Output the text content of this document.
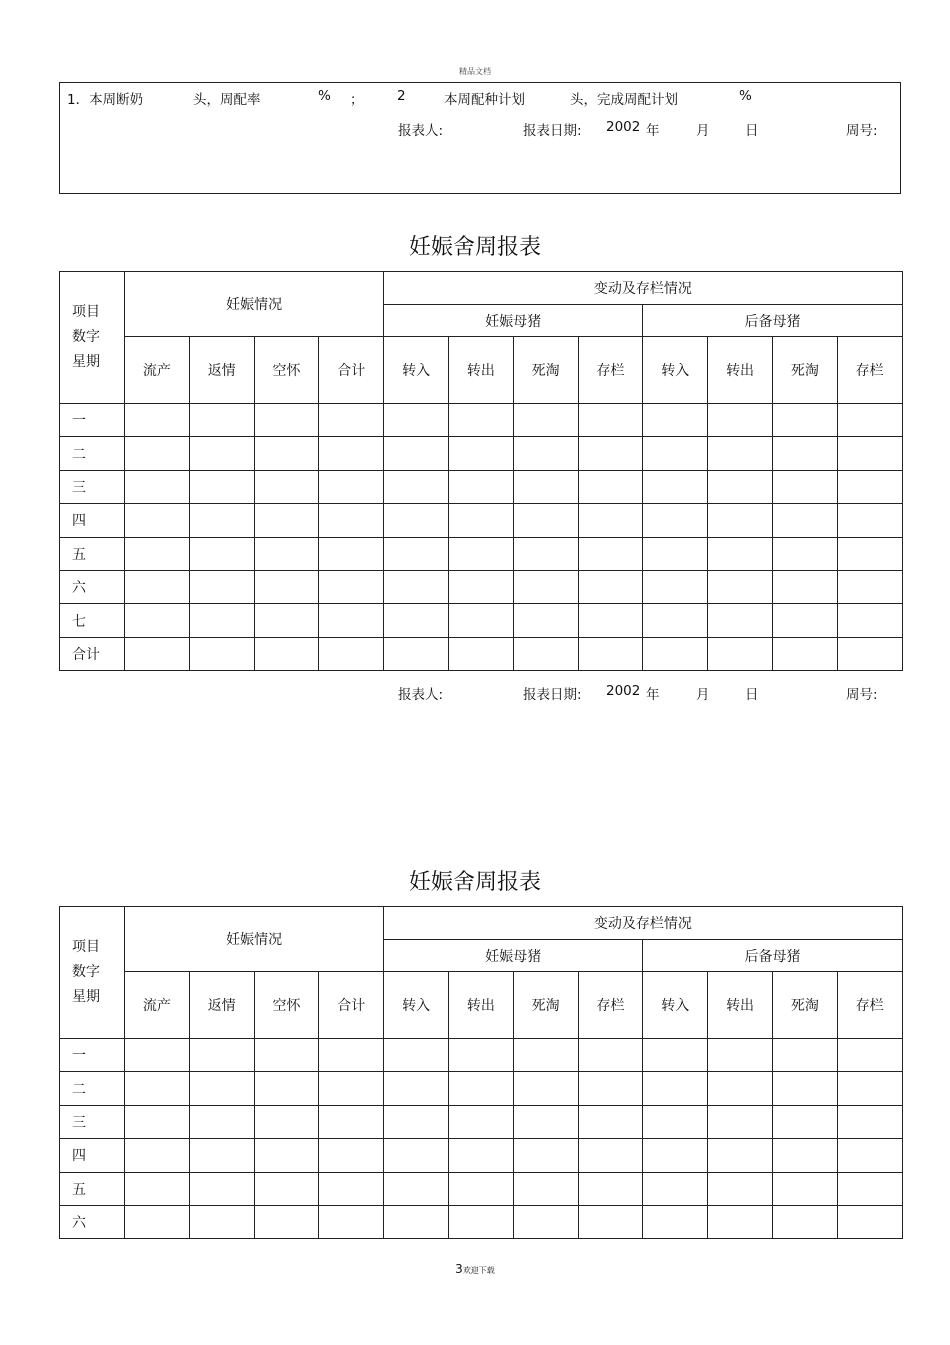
精品文档
1．本周断奶	头，周配率	% ； 2	本周配种计划	头，完成周配计划	%
报表人:	报表日期: 2002 年	月	日	周号:
妊娠舍周报表
项目
数字
星期	妊娠情况				变动及存栏情况							
					妊娠母猪				后备母猪			
	流产	返情	空怀	合计	转入	转出	死淘	存栏	转入	转出	死淘	存栏
一												
二												
三												
四												
五												
六												
七												
合计												
报表人:	报表日期: 2002 年	月	日	周号:
妊娠舍周报表
项目
数字
星期	妊娠情况				变动及存栏情况							
					妊娠母猪				后备母猪			
	流产	返情	空怀	合计	转入	转出	死淘	存栏	转入	转出	死淘	存栏
一												
二												
三												
四												
五												
六												
3欢迎下载
